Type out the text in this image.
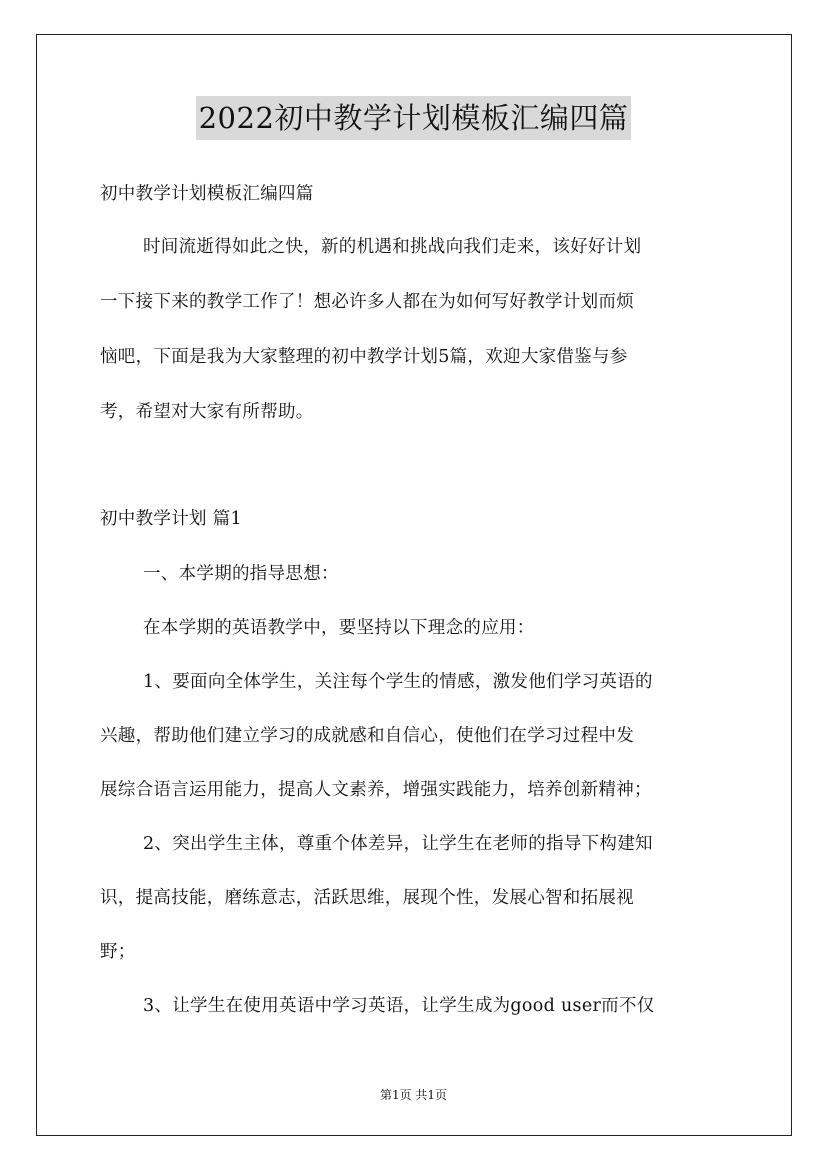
2022初中教学计划模板汇编四篇
初中教学计划模板汇编四篇
时间流逝得如此之快，新的机遇和挑战向我们走来，该好好计划
一下接下来的教学工作了！想必许多人都在为如何写好教学计划而烦
恼吧，下面是我为大家整理的初中教学计划5篇，欢迎大家借鉴与参
考，希望对大家有所帮助。
初中教学计划 篇1
一、本学期的指导思想：
在本学期的英语教学中，要坚持以下理念的应用：
1、要面向全体学生，关注每个学生的情感，激发他们学习英语的
兴趣，帮助他们建立学习的成就感和自信心，使他们在学习过程中发
展综合语言运用能力，提高人文素养，增强实践能力，培养创新精神；
2、突出学生主体，尊重个体差异，让学生在老师的指导下构建知
识，提高技能，磨练意志，活跃思维，展现个性，发展心智和拓展视
野；
3、让学生在使用英语中学习英语，让学生成为good user而不仅
第1页 共1页
